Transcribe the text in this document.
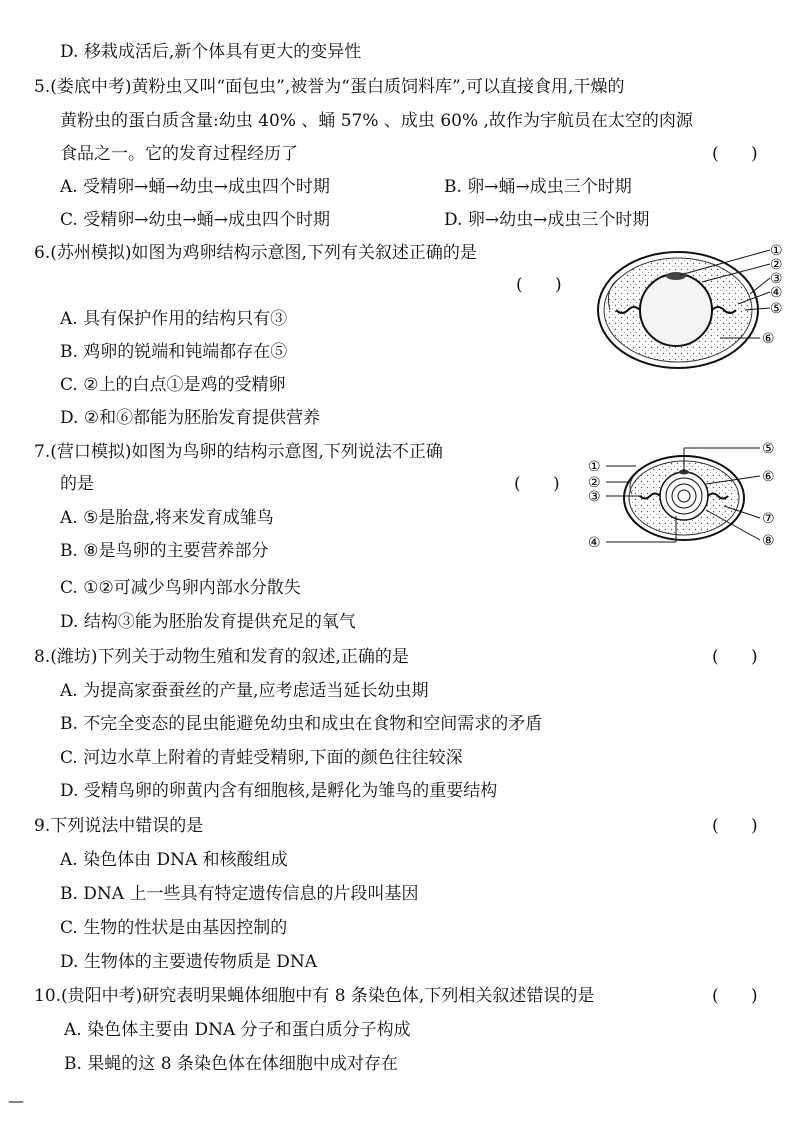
D. 移栽成活后,新个体具有更大的变异性
5.(娄底中考)黄粉虫又叫“面包虫”,被誉为“蛋白质饲料库”,可以直接食用,干燥的
黄粉虫的蛋白质含量:幼虫 40% 、蛹 57% 、成虫 60% ,故作为宇航员在太空的肉源
食品之一。它的发育过程经历了	(      )
A. 受精卵→蛹→幼虫→成虫四个时期	B. 卵→蛹→成虫三个时期
C. 受精卵→幼虫→蛹→成虫四个时期	D. 卵→幼虫→成虫三个时期
6.(苏州模拟)如图为鸡卵结构示意图,下列有关叙述正确的是
(      )
A. 具有保护作用的结构只有③
B. 鸡卵的锐端和钝端都存在⑤
C. ②上的白点①是鸡的受精卵
D. ②和⑥都能为胚胎发育提供营养
①
②
③
④
⑤
⑥
7.(营口模拟)如图为鸟卵的结构示意图,下列说法不正确
的是	(      )
A. ⑤是胎盘,将来发育成雏鸟
B. ⑧是鸟卵的主要营养部分
C. ①②可减少鸟卵内部水分散失
D. 结构③能为胚胎发育提供充足的氧气
①
②
③
④
⑤
⑥
⑦
⑧
8.(潍坊)下列关于动物生殖和发育的叙述,正确的是	(      )
A. 为提高家蚕蚕丝的产量,应考虑适当延长幼虫期
B. 不完全变态的昆虫能避免幼虫和成虫在食物和空间需求的矛盾
C. 河边水草上附着的青蛙受精卵,下面的颜色往往较深
D. 受精鸟卵的卵黄内含有细胞核,是孵化为雏鸟的重要结构
9.下列说法中错误的是	(      )
A. 染色体由 DNA 和核酸组成
B. DNA 上一些具有特定遗传信息的片段叫基因
C. 生物的性状是由基因控制的
D. 生物体的主要遗传物质是 DNA
10.(贵阳中考)研究表明果蝇体细胞中有 8 条染色体,下列相关叙述错误的是	(      )
A. 染色体主要由 DNA 分子和蛋白质分子构成
B. 果蝇的这 8 条染色体在体细胞中成对存在
—
